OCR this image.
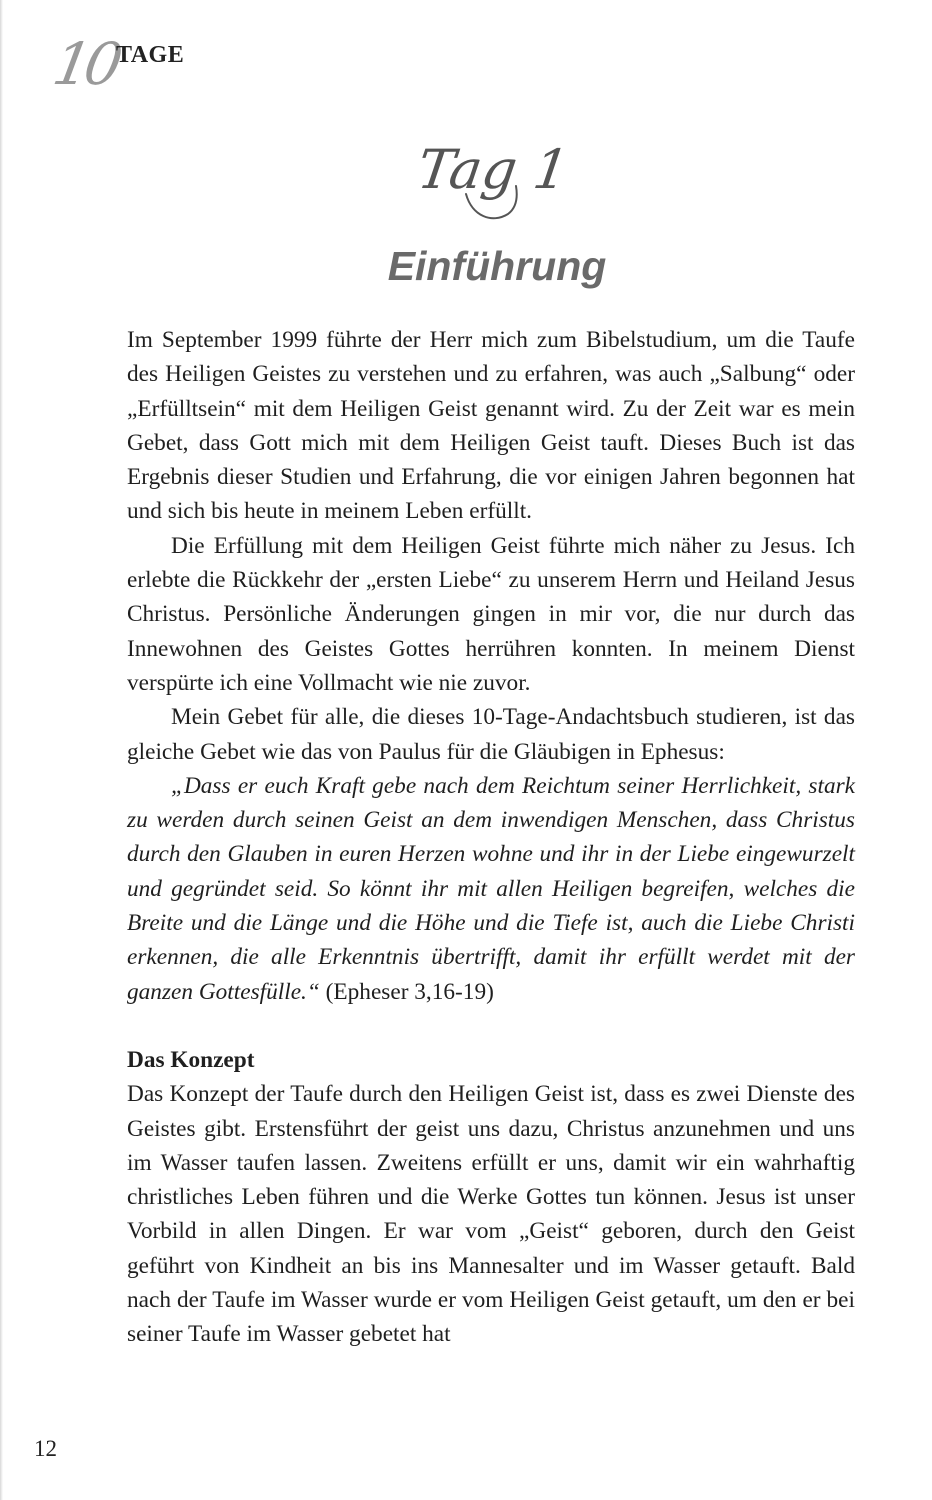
10
TAGE
Tag 1
Einführung

Im September 1999 führte der Herr mich zum Bibelstudium, um die Taufe des Heiligen Geistes zu verstehen und zu erfahren, was auch „Salbung“ oder „Erfülltsein“ mit dem Heiligen Geist genannt wird. Zu der Zeit war es mein Gebet, dass Gott mich mit dem Heiligen Geist tauft. Dieses Buch ist das Ergebnis dieser Studien und Erfahrung, die vor einigen Jahren begonnen hat und sich bis heute in meinem Leben erfüllt.

Die Erfüllung mit dem Heiligen Geist führte mich näher zu Jesus. Ich erlebte die Rückkehr der „ersten Liebe“ zu unserem Herrn und Heiland Jesus Christus. Persönliche Änderungen gingen in mir vor, die nur durch das Innewohnen des Geistes Gottes herrühren konnten. In meinem Dienst verspürte ich eine Vollmacht wie nie zuvor.

Mein Gebet für alle, die dieses 10-Tage-Andachtsbuch studieren, ist das gleiche Gebet wie das von Paulus für die Gläubigen in Ephesus:

„Dass er euch Kraft gebe nach dem Reichtum seiner Herrlichkeit, stark zu werden durch seinen Geist an dem inwendigen Menschen, dass Christus durch den Glauben in euren Herzen wohne und ihr in der Liebe eingewurzelt und gegründet seid. So könnt ihr mit allen Heiligen begreifen, welches die Breite und die Länge und die Höhe und die Tiefe ist, auch die Liebe Christi erkennen, die alle Erkenntnis übertrifft, damit ihr erfüllt werdet mit der ganzen Gottesfülle.“ (Epheser 3,16-19)

Das Konzept

Das Konzept der Taufe durch den Heiligen Geist ist, dass es zwei Dienste des Geistes gibt. Erstensführt der geist uns dazu, Christus anzunehmen und uns im Wasser taufen lassen. Zweitens erfüllt er uns, damit wir ein wahrhaftig christliches Leben führen und die Werke Gottes tun können. Jesus ist unser Vorbild in allen Dingen. Er war vom „Geist“ geboren, durch den Geist geführt von Kindheit an bis ins Mannesalter und im Wasser getauft. Bald nach der Taufe im Wasser wurde er vom Heiligen Geist getauft, um den er bei seiner Taufe im Wasser gebetet hat

12
